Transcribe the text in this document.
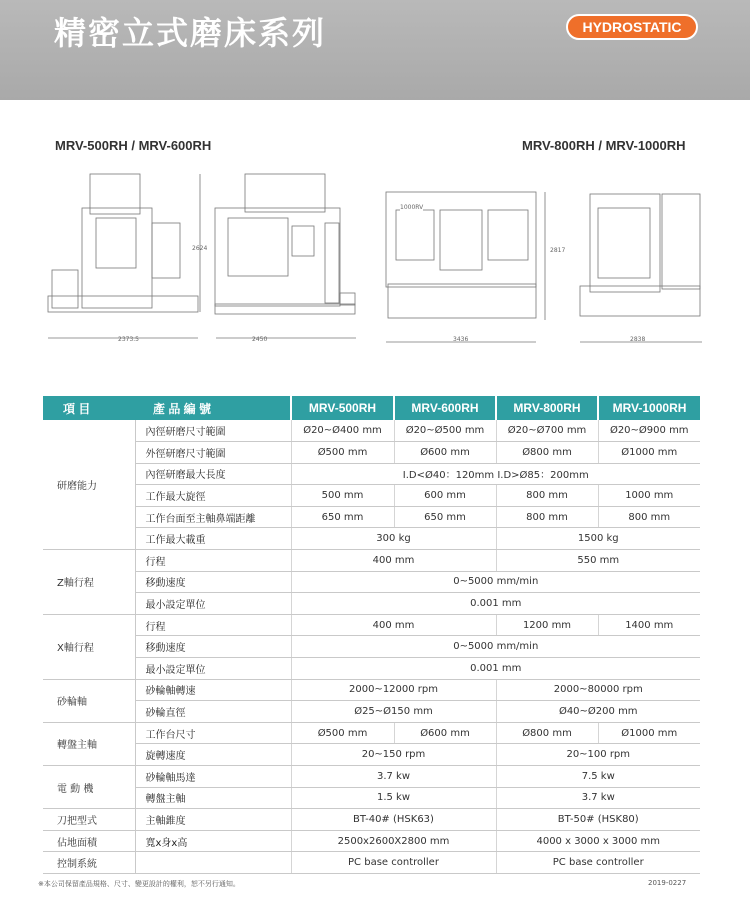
精密立式磨床系列	HYDROSTATIC
MRV-500RH / MRV-600RH	MRV-800RH / MRV-1000RH
2373.5	2450
2624
1000RV
3436	2838
2817
項 目	產 品 編 號	MRV-500RH	MRV-600RH	MRV-800RH	MRV-1000RH
研磨能力	內徑研磨尺寸範圍	Ø20~Ø400 mm	Ø20~Ø500 mm	Ø20~Ø700 mm	Ø20~Ø900 mm
	外徑研磨尺寸範圍	Ø500 mm	Ø600 mm	Ø800 mm	Ø1000 mm
	內徑研磨最大長度	I.D<Ø40：120mm I.D>Ø85：200mm			
	工作最大旋徑	500 mm	600 mm	800 mm	1000 mm
	工作台面至主軸鼻端距離	650 mm	650 mm	800 mm	800 mm
	工作最大載重	300 kg		1500 kg	
Z軸行程	行程	400 mm		550 mm	
	移動速度	0~5000 mm/min			
	最小設定單位	0.001 mm			
X軸行程	行程	400 mm		1200 mm	1400 mm
	移動速度	0~5000 mm/min			
	最小設定單位	0.001 mm			
砂輪軸	砂輪軸轉速	2000~12000 rpm		2000~80000 rpm	
	砂輪直徑	Ø25~Ø150 mm		Ø40~Ø200 mm	
轉盤主軸	工作台尺寸	Ø500 mm	Ø600 mm	Ø800 mm	Ø1000 mm
	旋轉速度	20~150 rpm		20~100 rpm	
電 動 機	砂輪軸馬達	3.7 kw		7.5 kw	
	轉盤主軸	1.5 kw		3.7 kw	
刀把型式	主軸錐度	BT-40# (HSK63)		BT-50# (HSK80)	
佔地面積	寬x身x高	2500x2600X2800 mm		4000 x 3000 x 3000 mm	
控制系統		PC base controller		PC base controller	
※本公司保留產品規格、尺寸、變更設計的權利，恕不另行通知。	2019-0227
